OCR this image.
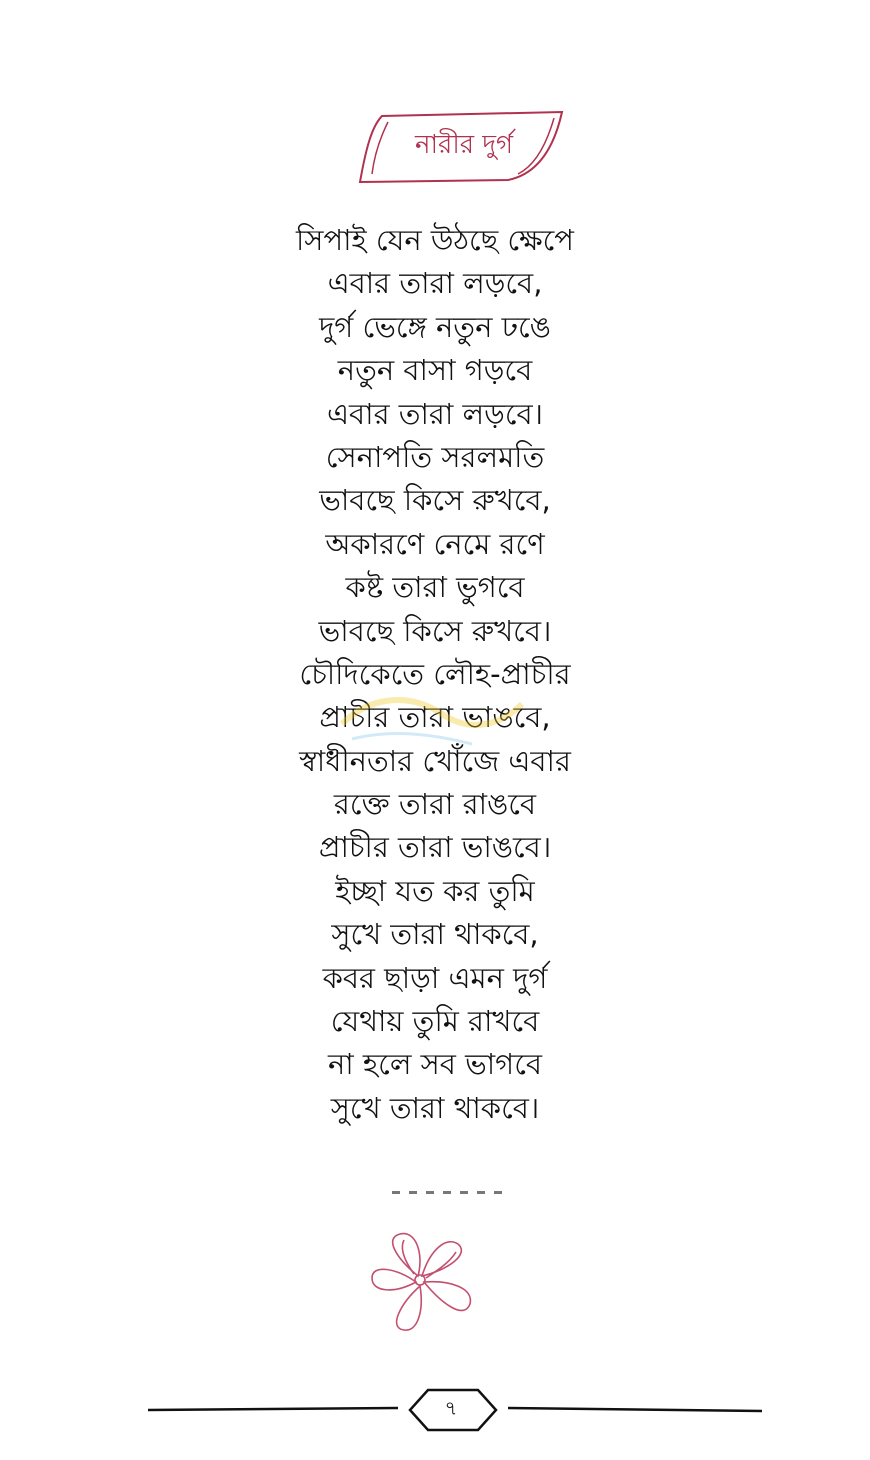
নারীর দুর্গ
সিপাই যেন উঠছে ক্ষেপে
এবার তারা লড়বে,
দুর্গ ভেঙ্গে নতুন ঢঙে
নতুন বাসা গড়বে
এবার তারা লড়বে।
সেনাপতি সরলমতি
ভাবছে কিসে রুখবে,
অকারণে নেমে রণে
কষ্ট তারা ভুগবে
ভাবছে কিসে রুখবে।
চৌদিকেতে লৌহ-প্রাচীর
প্রাচীর তারা ভাঙবে,
স্বাধীনতার খোঁজে এবার
রক্তে তারা রাঙবে
প্রাচীর তারা ভাঙবে।
ইচ্ছা যত কর তুমি
সুখে তারা থাকবে,
কবর ছাড়া এমন দুর্গ
যেথায় তুমি রাখবে
না হলে সব ভাগবে
সুখে তারা থাকবে।
৭
